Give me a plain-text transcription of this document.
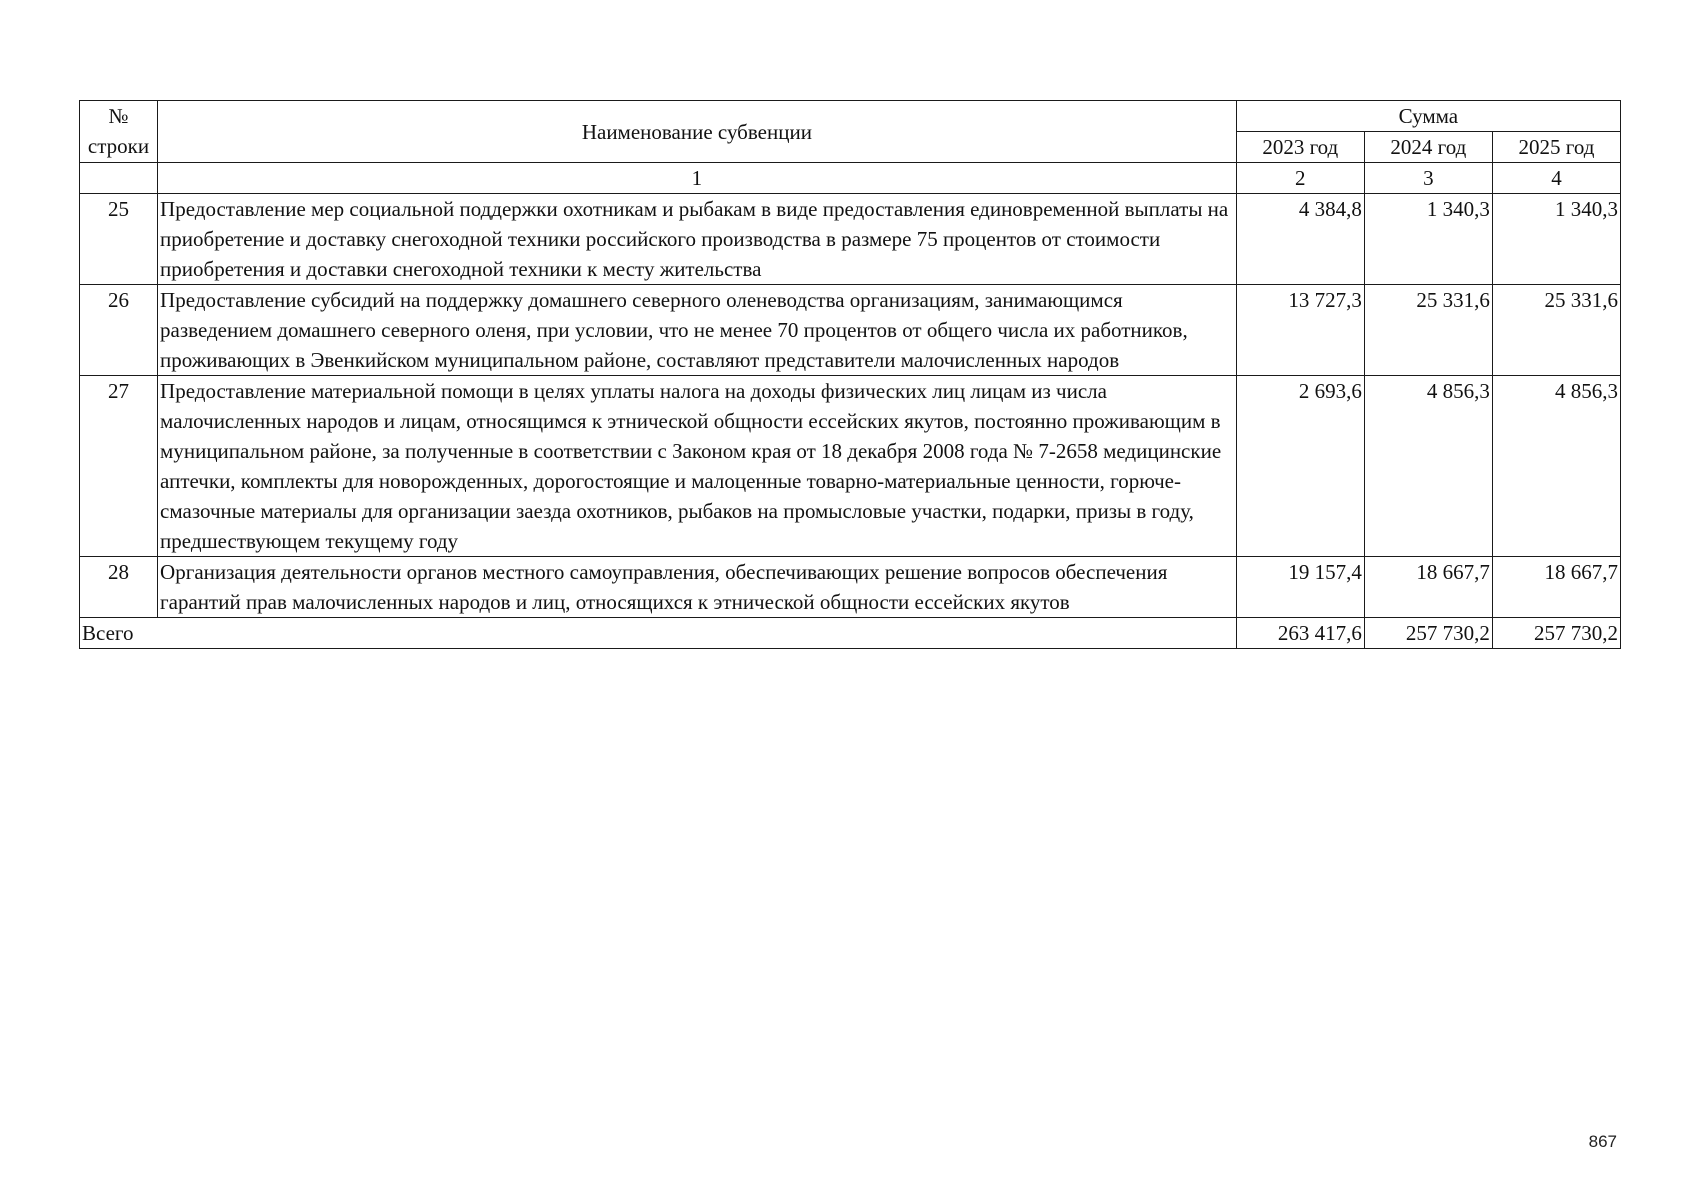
№
строки	Наименование субвенции	Сумма		
		2023 год	2024 год	2025 год
	1	2	3	4
25	Предоставление мер социальной поддержки охотникам и рыбакам в виде предоставления единовременной выплаты на приобретение и доставку снегоходной техники российского производства в размере 75 процентов от стоимости приобретения и доставки снегоходной техники к месту жительства	4 384,8	1 340,3	1 340,3
26	Предоставление субсидий на поддержку домашнего северного оленеводства организациям, занимающимся разведением домашнего северного оленя, при условии, что не менее 70 процентов от общего числа их работников, проживающих в Эвенкийском муниципальном районе, составляют представители малочисленных народов	13 727,3	25 331,6	25 331,6
27	Предоставление материальной помощи в целях уплаты налога на доходы физических лиц лицам из числа малочисленных народов и лицам, относящимся к этнической общности ессейских якутов, постоянно проживающим в муниципальном районе, за полученные в соответствии с Законом края от 18 декабря 2008 года № 7-2658 медицинские аптечки, комплекты для новорожденных, дорогостоящие и малоценные товарно-материальные ценности, горюче-смазочные материалы для организации заезда охотников, рыбаков на промысловые участки, подарки, призы в году, предшествующем текущему году	2 693,6	4 856,3	4 856,3
28	Организация деятельности органов местного самоуправления, обеспечивающих решение вопросов обеспечения гарантий прав малочисленных народов и лиц, относящихся к этнической общности ессейских якутов	19 157,4	18 667,7	18 667,7
Всего		263 417,6	257 730,2	257 730,2
867
